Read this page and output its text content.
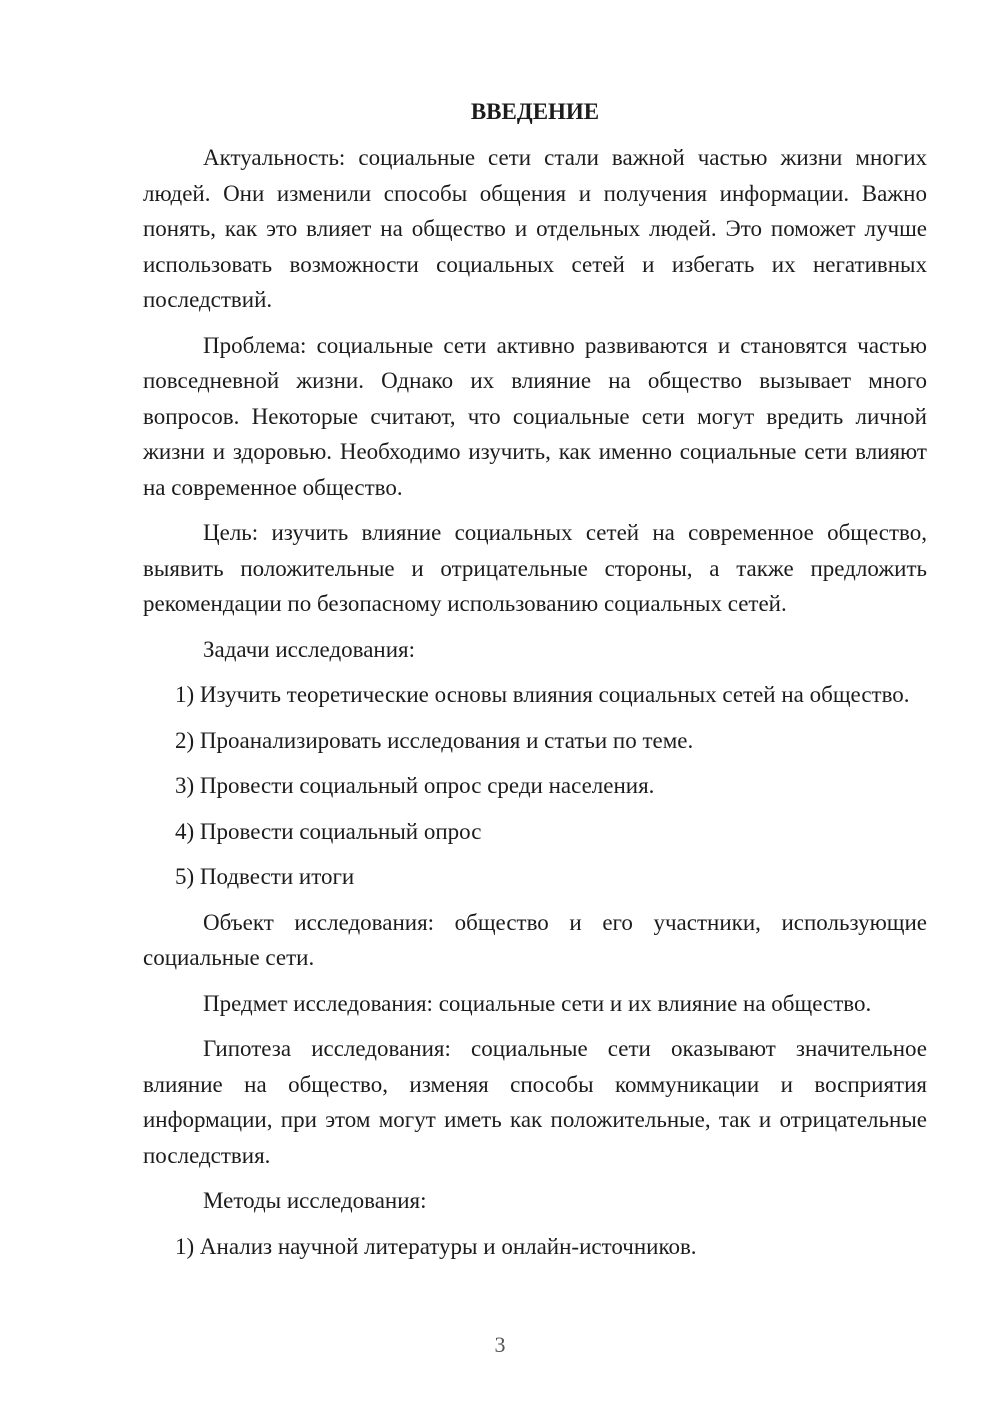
ВВЕДЕНИЕ

Актуальность: социальные сети стали важной частью жизни многих людей. Они изменили способы общения и получения информации. Важно понять, как это влияет на общество и отдельных людей. Это поможет лучше использовать возможности социальных сетей и избегать их негативных последствий.

Проблема: социальные сети активно развиваются и становятся частью повседневной жизни. Однако их влияние на общество вызывает много вопросов. Некоторые считают, что социальные сети могут вредить личной жизни и здоровью. Необходимо изучить, как именно социальные сети влияют на современное общество.

Цель: изучить влияние социальных сетей на современное общество, выявить положительные и отрицательные стороны, а также предложить рекомендации по безопасному использованию социальных сетей.

Задачи исследования:

1) Изучить теоретические основы влияния социальных сетей на общество.

2) Проанализировать исследования и статьи по теме.

3) Провести социальный опрос среди населения.

4) Провести социальный опрос

5) Подвести итоги

Объект исследования: общество и его участники, использующие социальные сети.

Предмет исследования: социальные сети и их влияние на общество.

Гипотеза исследования: социальные сети оказывают значительное влияние на общество, изменяя способы коммуникации и восприятия информации, при этом могут иметь как положительные, так и отрицательные последствия.

Методы исследования:

1) Анализ научной литературы и онлайн-источников.

3
